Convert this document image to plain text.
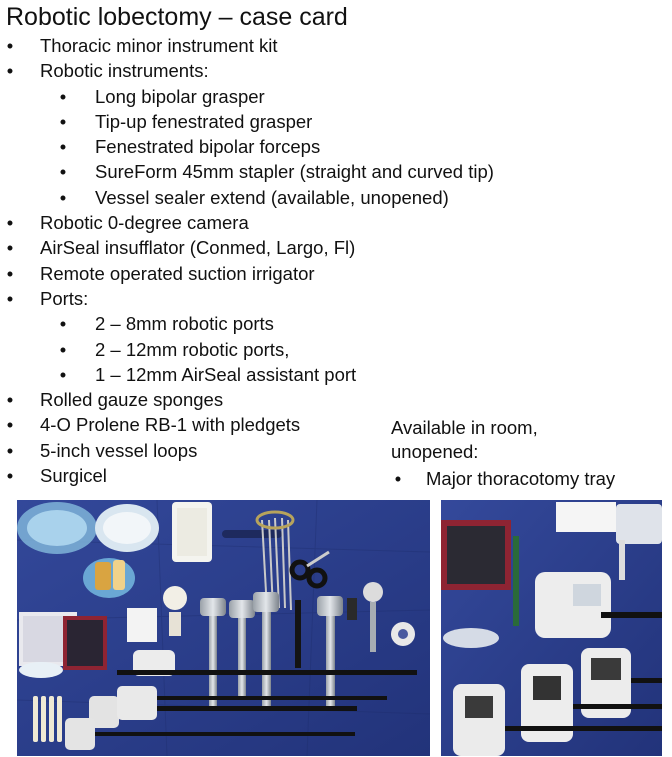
Robotic lobectomy – case card
• Thoracic minor instrument kit
• Robotic instruments:
• Long bipolar grasper
• Tip-up fenestrated grasper
• Fenestrated bipolar forceps
• SureForm 45mm stapler (straight and curved tip)
• Vessel sealer extend (available, unopened)
• Robotic 0-degree camera
• AirSeal insufflator (Conmed, Largo, Fl)
• Remote operated suction irrigator
• Ports:
• 2 – 8mm robotic ports
• 2 – 12mm robotic ports,
• 1 – 12mm AirSeal assistant port
• Rolled gauze sponges
• 4-O Prolene RB-1 with pledgets
• 5-inch vessel loops
• Surgicel
Available in room,
unopened:
• Major thoracotomy tray
